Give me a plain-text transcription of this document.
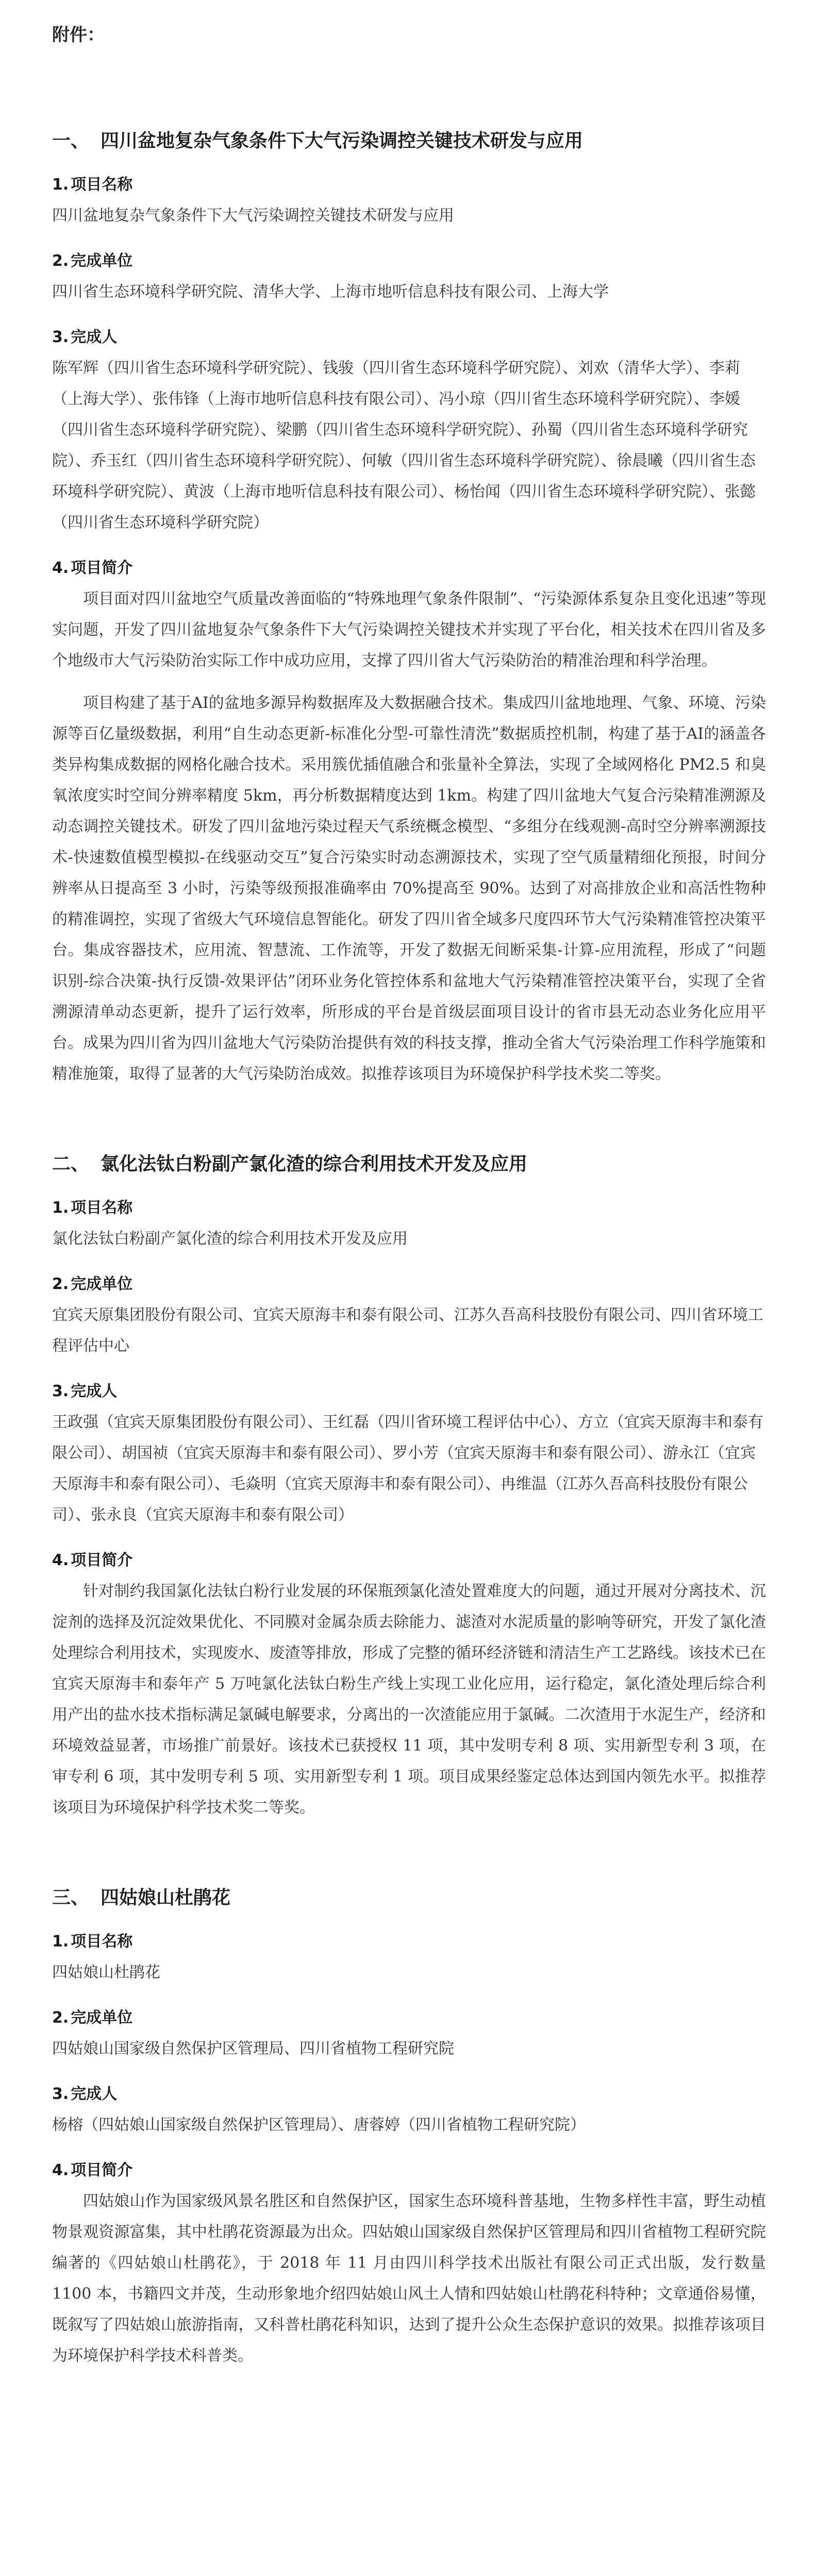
附件：
一、 四川盆地复杂气象条件下大气污染调控关键技术研发与应用
1. 项目名称
四川盆地复杂气象条件下大气污染调控关键技术研发与应用
2. 完成单位
四川省生态环境科学研究院、清华大学、上海市地听信息科技有限公司、上海大学
3. 完成人
陈军辉（四川省生态环境科学研究院）、钱骏（四川省生态环境科学研究院）、刘欢（清华大学）、李莉（上海大学）、张伟锋（上海市地听信息科技有限公司）、冯小琼（四川省生态环境科学研究院）、李媛（四川省生态环境科学研究院）、梁鹏（四川省生态环境科学研究院）、孙蜀（四川省生态环境科学研究院）、乔玉红（四川省生态环境科学研究院）、何敏（四川省生态环境科学研究院）、徐晨曦（四川省生态环境科学研究院）、黄波（上海市地听信息科技有限公司）、杨怡闻（四川省生态环境科学研究院）、张懿（四川省生态环境科学研究院）
4. 项目简介

项目面对四川盆地空气质量改善面临的“特殊地理气象条件限制”、“污染源体系复杂且变化迅速”等现实问题，开发了四川盆地复杂气象条件下大气污染调控关键技术并实现了平台化，相关技术在四川省及多个地级市大气污染防治实际工作中成功应用，支撑了四川省大气污染防治的精准治理和科学治理。

项目构建了基于AI的盆地多源异构数据库及大数据融合技术。集成四川盆地地理、气象、环境、污染源等百亿量级数据，利用“自生动态更新-标准化分型-可靠性清洗”数据质控机制，构建了基于AI的涵盖各类异构集成数据的网格化融合技术。采用簇优插值融合和张量补全算法，实现了全域网格化 PM2.5 和臭氧浓度实时空间分辨率精度 5km，再分析数据精度达到 1km。构建了四川盆地大气复合污染精准溯源及动态调控关键技术。研发了四川盆地污染过程天气系统概念模型、“多组分在线观测-高时空分辨率溯源技术-快速数值模型模拟-在线驱动交互”复合污染实时动态溯源技术，实现了空气质量精细化预报，时间分辨率从日提高至 3 小时，污染等级预报准确率由 70%提高至 90%。达到了对高排放企业和高活性物种的精准调控，实现了省级大气环境信息智能化。研发了四川省全域多尺度四环节大气污染精准管控决策平台。集成容器技术，应用流、智慧流、工作流等，开发了数据无间断采集-计算-应用流程，形成了“问题识别-综合决策-执行反馈-效果评估”闭环业务化管控体系和盆地大气污染精准管控决策平台，实现了全省溯源清单动态更新，提升了运行效率，所形成的平台是首级层面项目设计的省市县无动态业务化应用平台。成果为四川省为四川盆地大气污染防治提供有效的科技支撑，推动全省大气污染治理工作科学施策和精准施策，取得了显著的大气污染防治成效。拟推荐该项目为环境保护科学技术奖二等奖。

二、 氯化法钛白粉副产氯化渣的综合利用技术开发及应用
1. 项目名称
氯化法钛白粉副产氯化渣的综合利用技术开发及应用
2. 完成单位
宜宾天原集团股份有限公司、宜宾天原海丰和泰有限公司、江苏久吾高科技股份有限公司、四川省环境工程评估中心
3. 完成人
王政强（宜宾天原集团股份有限公司）、王红磊（四川省环境工程评估中心）、方立（宜宾天原海丰和泰有限公司）、胡国祯（宜宾天原海丰和泰有限公司）、罗小芳（宜宾天原海丰和泰有限公司）、游永江（宜宾天原海丰和泰有限公司）、毛焱明（宜宾天原海丰和泰有限公司）、冉维温（江苏久吾高科技股份有限公司）、张永良（宜宾天原海丰和泰有限公司）
4. 项目简介

针对制约我国氯化法钛白粉行业发展的环保瓶颈氯化渣处置难度大的问题，通过开展对分离技术、沉淀剂的选择及沉淀效果优化、不同膜对金属杂质去除能力、滤渣对水泥质量的影响等研究，开发了氯化渣处理综合利用技术，实现废水、废渣等排放，形成了完整的循环经济链和清洁生产工艺路线。该技术已在宜宾天原海丰和泰年产 5 万吨氯化法钛白粉生产线上实现工业化应用，运行稳定，氯化渣处理后综合利用产出的盐水技术指标满足氯碱电解要求，分离出的一次渣能应用于氯碱。二次渣用于水泥生产，经济和环境效益显著，市场推广前景好。该技术已获授权 11 项，其中发明专利 8 项、实用新型专利 3 项，在审专利 6 项，其中发明专利 5 项、实用新型专利 1 项。项目成果经鉴定总体达到国内领先水平。拟推荐该项目为环境保护科学技术奖二等奖。

三、 四姑娘山杜鹃花
1. 项目名称
四姑娘山杜鹃花
2. 完成单位
四姑娘山国家级自然保护区管理局、四川省植物工程研究院
3. 完成人
杨榕（四姑娘山国家级自然保护区管理局）、唐蓉婷（四川省植物工程研究院）
4. 项目简介

四姑娘山作为国家级风景名胜区和自然保护区，国家生态环境科普基地，生物多样性丰富，野生动植物景观资源富集，其中杜鹃花资源最为出众。四姑娘山国家级自然保护区管理局和四川省植物工程研究院编著的《四姑娘山杜鹃花》，于 2018 年 11 月由四川科学技术出版社有限公司正式出版，发行数量 1100 本，书籍四文并茂，生动形象地介绍四姑娘山风土人情和四姑娘山杜鹃花科特种；文章通俗易懂，既叙写了四姑娘山旅游指南，又科普杜鹃花科知识，达到了提升公众生态保护意识的效果。拟推荐该项目为环境保护科学技术科普类。
